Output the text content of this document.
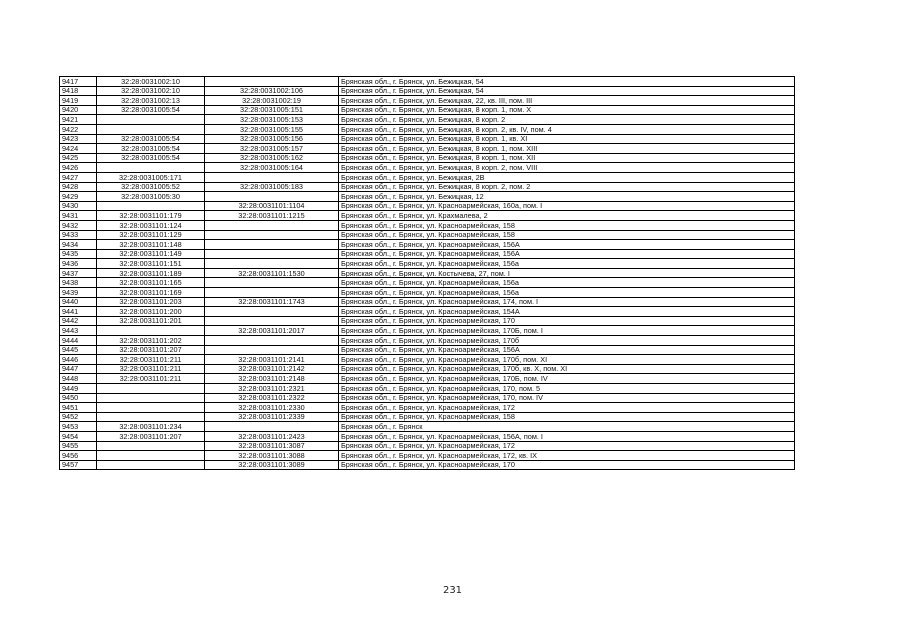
9417	32:28:0031002:10		Брянская обл., г. Брянск, ул. Бежицкая, 54
9418	32:28:0031002:10	32:28:0031002:106	Брянская обл., г. Брянск, ул. Бежицкая, 54
9419	32:28:0031002:13	32:28:0031002:19	Брянская обл., г. Брянск, ул. Бежицкая, 22, кв. III, пом. III
9420	32:28:0031005:54	32:28:0031005:151	Брянская обл., г. Брянск, ул. Бежицкая, 8 корп. 1, пом. X
9421		32:28:0031005:153	Брянская обл., г. Брянск, ул. Бежицкая, 8 корп. 2
9422		32:28:0031005:155	Брянская обл., г. Брянск, ул. Бежицкая, 8 корп. 2, кв. IV, пом. 4
9423	32:28:0031005:54	32:28:0031005:156	Брянская обл., г. Брянск, ул. Бежицкая, 8 корп. 1, кв. XI
9424	32:28:0031005:54	32:28:0031005:157	Брянская обл., г. Брянск, ул. Бежицкая, 8 корп. 1, пом. XIII
9425	32:28:0031005:54	32:28:0031005:162	Брянская обл., г. Брянск, ул. Бежицкая, 8 корп. 1, пом. XII
9426		32:28:0031005:164	Брянская обл., г. Брянск, ул. Бежицкая, 8 корп. 2, пом. VIII
9427	32:28:0031005:171		Брянская обл., г. Брянск, ул. Бежицкая, 2В
9428	32:28:0031005:52	32:28:0031005:183	Брянская обл., г. Брянск, ул. Бежицкая, 8 корп. 2, пом. 2
9429	32:28:0031005:30		Брянская обл., г. Брянск, ул. Бежицкая, 12
9430		32:28:0031101:1104	Брянская обл., г. Брянск, ул. Красноармейская, 160а, пом. I
9431	32:28:0031101:179	32:28:0031101:1215	Брянская обл., г. Брянск, ул. Крахмалева, 2
9432	32:28:0031101:124		Брянская обл., г. Брянск, ул. Красноармейская, 158
9433	32:28:0031101:129		Брянская обл., г. Брянск, ул. Красноармейская, 158
9434	32:28:0031101:148		Брянская обл., г. Брянск, ул. Красноармейская, 156А
9435	32:28:0031101:149		Брянская обл., г. Брянск, ул. Красноармейская, 156А
9436	32:28:0031101:151		Брянская обл., г. Брянск, ул. Красноармейская, 156а
9437	32:28:0031101:189	32:28:0031101:1530	Брянская обл., г. Брянск, ул. Костычева, 27, пом. I
9438	32:28:0031101:165		Брянская обл., г. Брянск, ул. Красноармейская, 156а
9439	32:28:0031101:169		Брянская обл., г. Брянск, ул. Красноармейская, 156а
9440	32:28:0031101:203	32:28:0031101:1743	Брянская обл., г. Брянск, ул. Красноармейская, 174, пом. I
9441	32:28:0031101:200		Брянская обл., г. Брянск, ул. Красноармейская, 154А
9442	32:28:0031101:201		Брянская обл., г. Брянск, ул. Красноармейская, 170
9443		32:28:0031101:2017	Брянская обл., г. Брянск, ул. Красноармейская, 170Б, пом. I
9444	32:28:0031101:202		Брянская обл., г. Брянск, ул. Красноармейская, 170б
9445	32:28:0031101:207		Брянская обл., г. Брянск, ул. Красноармейская, 156А
9446	32:28:0031101:211	32:28:0031101:2141	Брянская обл., г. Брянск, ул. Красноармейская, 170б, пом. XI
9447	32:28:0031101:211	32:28:0031101:2142	Брянская обл., г. Брянск, ул. Красноармейская, 170б, кв. X, пом. XI
9448	32:28:0031101:211	32:28:0031101:2148	Брянская обл., г. Брянск, ул. Красноармейская, 170Б, пом. IV
9449		32:28:0031101:2321	Брянская обл., г. Брянск, ул. Красноармейская, 170, пом. 5
9450		32:28:0031101:2322	Брянская обл., г. Брянск, ул. Красноармейская, 170, пом. IV
9451		32:28:0031101:2330	Брянская обл., г. Брянск, ул. Красноармейская, 172
9452		32:28:0031101:2339	Брянская обл., г. Брянск, ул. Красноармейская, 158
9453	32:28:0031101:234		Брянская обл., г. Брянск
9454	32:28:0031101:207	32:28:0031101:2423	Брянская обл., г. Брянск, ул. Красноармейская, 156А, пом. I
9455		32:28:0031101:3087	Брянская обл., г. Брянск, ул. Красноармейская, 172
9456		32:28:0031101:3088	Брянская обл., г. Брянск, ул. Красноармейская, 172, кв. IX
9457		32:28:0031101:3089	Брянская обл., г. Брянск, ул. Красноармейская, 170
231
